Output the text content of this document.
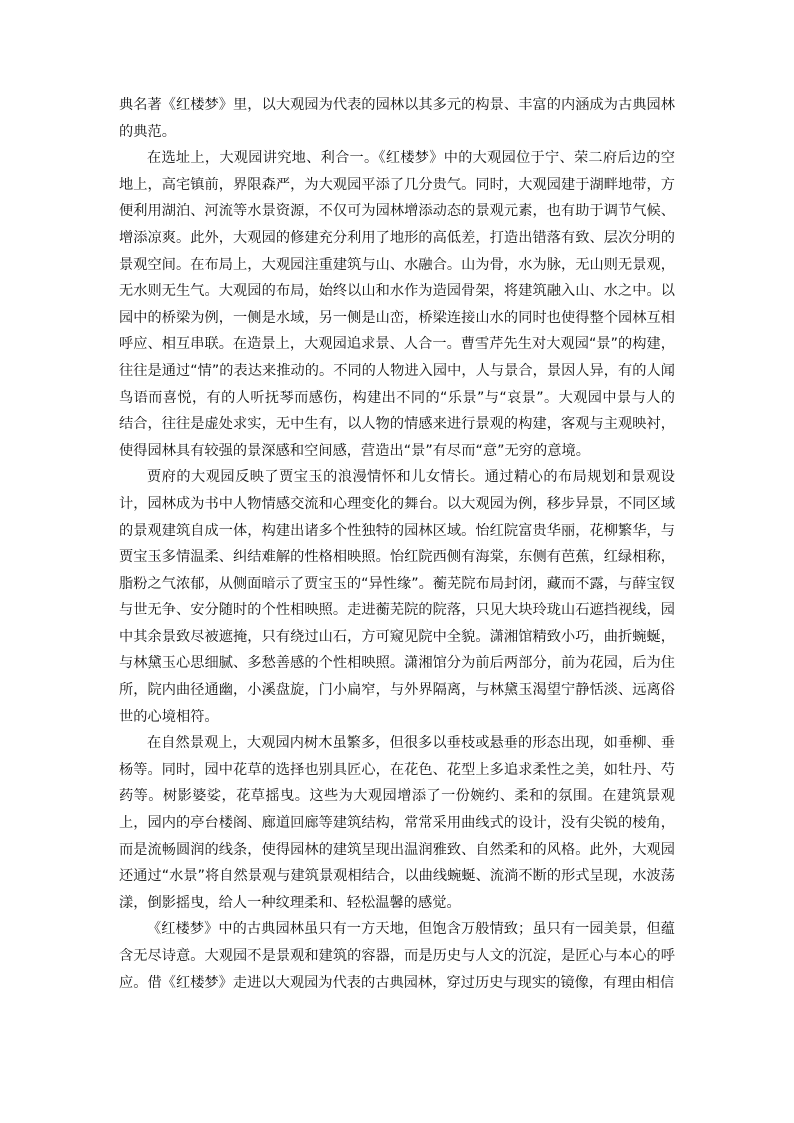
典名著《红楼梦》里，以大观园为代表的园林以其多元的构景、丰富的内涵成为古典园林的典范。

在选址上，大观园讲究地、利合一。《红楼梦》中的大观园位于宁、荣二府后边的空地上，高宅镇前，界限森严，为大观园平添了几分贵气。同时，大观园建于湖畔地带，方便利用湖泊、河流等水景资源，不仅可为园林增添动态的景观元素，也有助于调节气候、增添凉爽。此外，大观园的修建充分利用了地形的高低差，打造出错落有致、层次分明的景观空间。在布局上，大观园注重建筑与山、水融合。山为骨，水为脉，无山则无景观，无水则无生气。大观园的布局，始终以山和水作为造园骨架，将建筑融入山、水之中。以园中的桥梁为例，一侧是水域，另一侧是山峦，桥梁连接山水的同时也使得整个园林互相呼应、相互串联。在造景上，大观园追求景、人合一。曹雪芹先生对大观园“景”的构建，往往是通过“情”的表达来推动的。不同的人物进入园中，人与景合，景因人异，有的人闻鸟语而喜悦，有的人听抚琴而感伤，构建出不同的“乐景”与“哀景”。大观园中景与人的结合，往往是虚处求实，无中生有，以人物的情感来进行景观的构建，客观与主观映衬，使得园林具有较强的景深感和空间感，营造出“景”有尽而“意”无穷的意境。

贾府的大观园反映了贾宝玉的浪漫情怀和儿女情长。通过精心的布局规划和景观设计，园林成为书中人物情感交流和心理变化的舞台。以大观园为例，移步异景，不同区域的景观建筑自成一体，构建出诸多个性独特的园林区域。怡红院富贵华丽，花柳繁华，与贾宝玉多情温柔、纠结难解的性格相映照。怡红院西侧有海棠，东侧有芭蕉，红绿相称，脂粉之气浓郁，从侧面暗示了贾宝玉的“异性缘”。蘅芜院布局封闭，藏而不露，与薛宝钗与世无争、安分随时的个性相映照。走进蘅芜院的院落，只见大块玲珑山石遮挡视线，园中其余景致尽被遮掩，只有绕过山石，方可窥见院中全貌。潇湘馆精致小巧，曲折蜿蜒，与林黛玉心思细腻、多愁善感的个性相映照。潇湘馆分为前后两部分，前为花园，后为住所，院内曲径通幽，小溪盘旋，门小扁窄，与外界隔离，与林黛玉渴望宁静恬淡、远离俗世的心境相符。

在自然景观上，大观园内树木虽繁多，但很多以垂枝或悬垂的形态出现，如垂柳、垂杨等。同时，园中花草的选择也别具匠心，在花色、花型上多追求柔性之美，如牡丹、芍药等。树影婆娑，花草摇曳。这些为大观园增添了一份婉约、柔和的氛围。在建筑景观上，园内的亭台楼阁、廊道回廊等建筑结构，常常采用曲线式的设计，没有尖锐的棱角，而是流畅圆润的线条，使得园林的建筑呈现出温润雅致、自然柔和的风格。此外，大观园还通过“水景”将自然景观与建筑景观相结合，以曲线蜿蜒、流淌不断的形式呈现，水波荡漾，倒影摇曳，给人一种纹理柔和、轻松温馨的感觉。

《红楼梦》中的古典园林虽只有一方天地，但饱含万般情致；虽只有一园美景，但蕴含无尽诗意。大观园不是景观和建筑的容器，而是历史与人文的沉淀，是匠心与本心的呼应。借《红楼梦》走进以大观园为代表的古典园林，穿过历史与现实的镜像，有理由相信
